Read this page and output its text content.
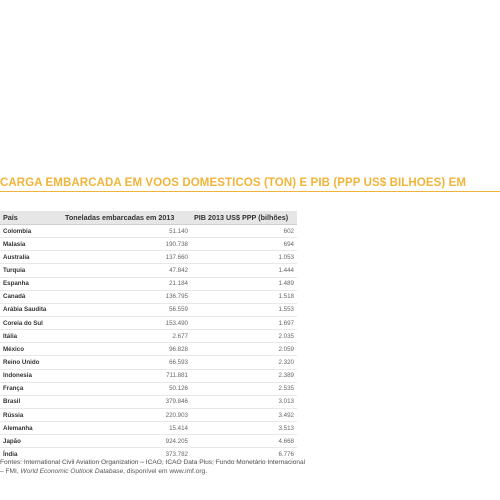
CARGA EMBARCADA EM VOOS DOMÉSTICOS (TON) E PIB (PPP US$ BILHÕES) EM
País	Toneladas embarcadas em 2013	PIB 2013 US$ PPP (bilhões)
Colombia	51.140	602
Malasia	190.738	694
Australia	137.660	1.053
Turquia	47.842	1.444
Espanha	21.184	1.489
Canadá	136.795	1.518
Arábia Saudita	56.559	1.553
Coreia do Sul	153.490	1.697
Itália	2.677	2.035
México	96.828	2.059
Reino Unido	66.593	2.320
Indonesia	711.881	2.389
França	50.126	2.535
Brasil	379.846	3.013
Rússia	220.903	3.492
Alemanha	15.414	3.513
Japão	924.205	4.668
Índia	373.782	6.776
Fontes: International Civil Aviation Organization – ICAO, ICAO Data Plus; Fundo Monetário Internacional
– FMI, World Economic Outlook Database, disponível em www.imf.org.
